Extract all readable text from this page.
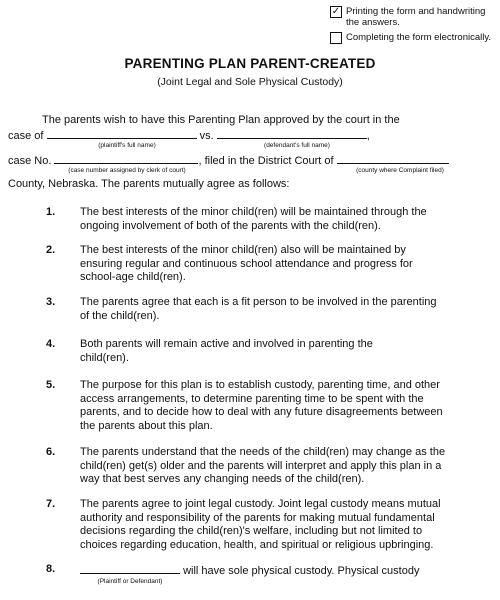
✓ Printing the form and handwriting
the answers.
Completing the form electronically.
PARENTING PLAN PARENT-CREATED
(Joint Legal and Sole Physical Custody)
The parents wish to have this Parenting Plan approved by the court in the
case of	vs.	,
(plaintiff's full name)	(defendant's full name)
case No.	, filed in the District Court of
(case number assigned by clerk of court)	(county where Complaint filed)
County, Nebraska. The parents mutually agree as follows:
1. The best interests of the minor child(ren) will be maintained through the
ongoing involvement of both of the parents with the child(ren).
2. The best interests of the minor child(ren) also will be maintained by
ensuring regular and continuous school attendance and progress for
school-age child(ren).
3. The parents agree that each is a fit person to be involved in the parenting
of the child(ren).
4. Both parents will remain active and involved in parenting the
child(ren).
5. The purpose for this plan is to establish custody, parenting time, and other
access arrangements, to determine parenting time to be spent with the
parents, and to decide how to deal with any future disagreements between
the parents about this plan.
6. The parents understand that the needs of the child(ren) may change as the
child(ren) get(s) older and the parents will interpret and apply this plan in a
way that best serves any changing needs of the child(ren).
7. The parents agree to joint legal custody. Joint legal custody means mutual
authority and responsibility of the parents for making mutual fundamental
decisions regarding the child(ren)'s welfare, including but not limited to
choices regarding education, health, and spiritual or religious upbringing.
8.	will have sole physical custody. Physical custody
(Plaintiff or Defendant)
